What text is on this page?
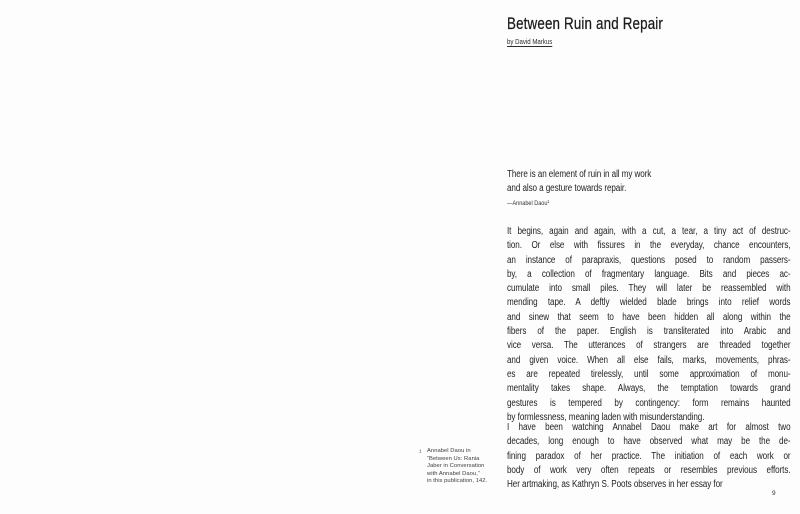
1 Annabel Daou in
“Between Us: Rania
Jaber in Conversation
with Annabel Daou,”
in this publication, 142.
Between Ruin and Repair
by David Markus
There is an element of ruin in all my work
and also a gesture towards repair.
—Annabel Daou¹
It begins, again and again, with a cut, a tear, a tiny act of destruc-
tion. Or else with fissures in the everyday, chance encounters,
an instance of parapraxis, questions posed to random passers-
by, a collection of fragmentary language. Bits and pieces ac-
cumulate into small piles. They will later be reassembled with
mending tape. A deftly wielded blade brings into relief words
and sinew that seem to have been hidden all along within the
fibers of the paper. English is transliterated into Arabic and
vice versa. The utterances of strangers are threaded together
and given voice. When all else fails, marks, movements, phras-
es are repeated tirelessly, until some approximation of monu-
mentality takes shape. Always, the temptation towards grand
gestures is tempered by contingency: form remains haunted
by formlessness, meaning laden with misunderstanding.
I have been watching Annabel Daou make art for almost two
decades, long enough to have observed what may be the de-
fining paradox of her practice. The initiation of each work or
body of work very often repeats or resembles previous efforts.
Her artmaking, as Kathryn S. Poots observes in her essay for
9
